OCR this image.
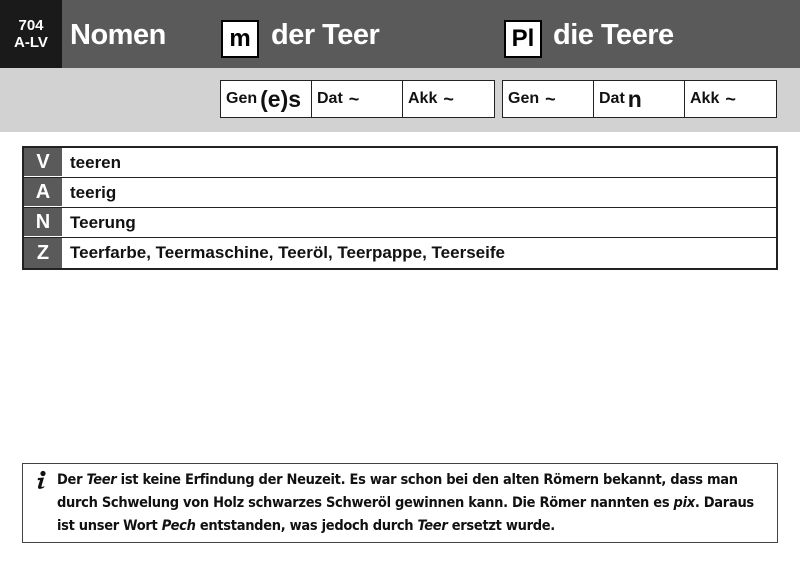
704
A-LV Nomen	m der Teer	Pl die Teere
Gen (e)s Dat ~	Akk ~	Gen ~	Dat n	Akk ~
V	teeren
A	teerig
N	Teerung
Z	Teerfarbe, Teermaschine, Teeröl, Teerpappe, Teerseife
Der Teer ist keine Erfindung der Neuzeit. Es war schon bei den alten Römern bekannt, dass man durch Schwelung von Holz schwarzes Schweröl gewinnen kann. Die Römer nannten es pix. Daraus ist unser Wort Pech entstanden, was jedoch durch Teer ersetzt wurde.
